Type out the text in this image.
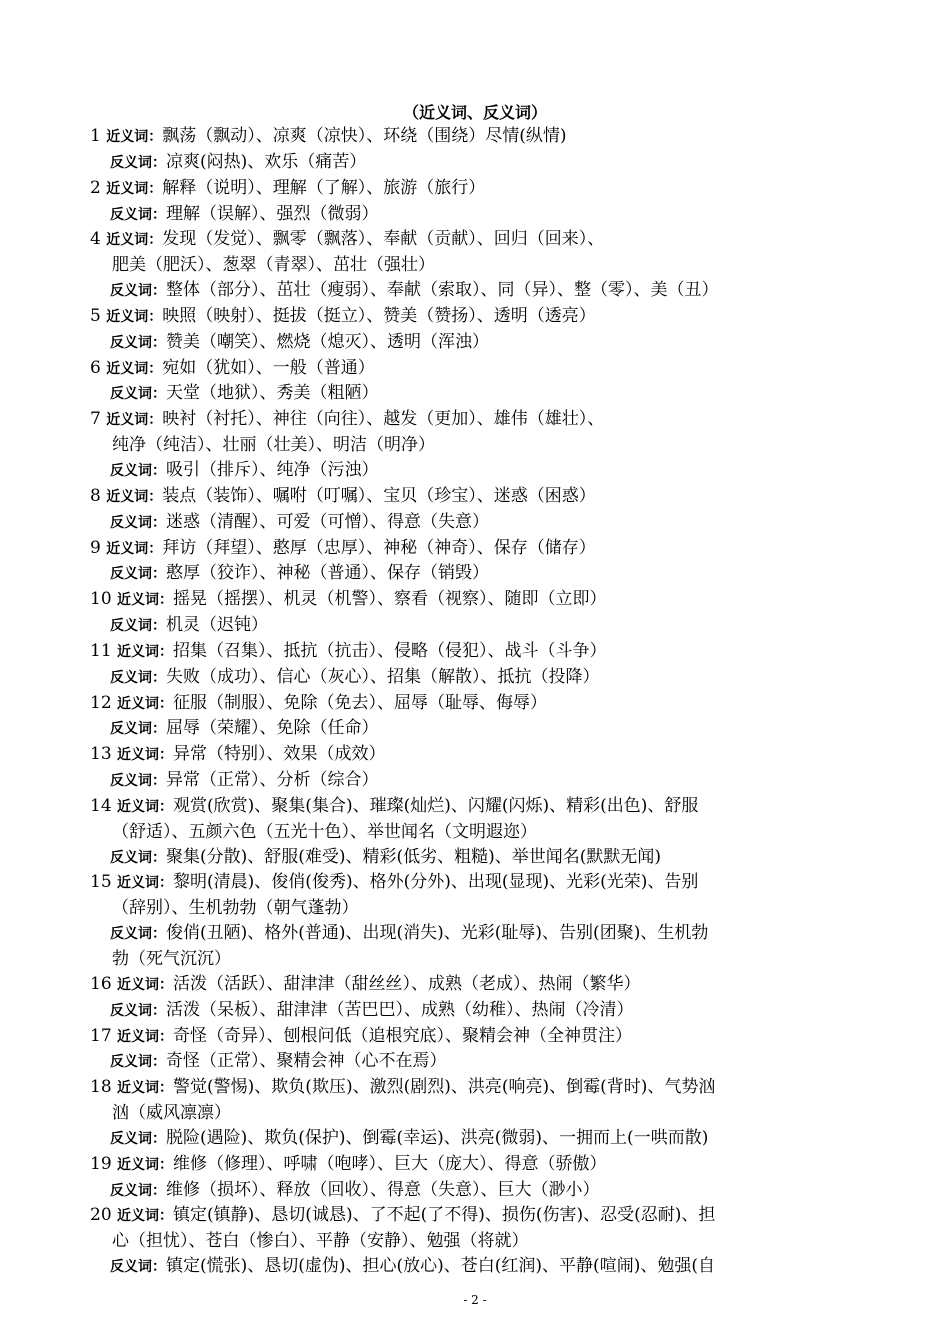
（近义词、反义词）
1 近义词：飘荡（飘动）、凉爽（凉快）、环绕（围绕）尽情(纵情)
反义词：凉爽(闷热)、欢乐（痛苦）
2 近义词：解释（说明）、理解（了解）、旅游（旅行）
反义词：理解（误解）、强烈（微弱）
4 近义词：发现（发觉）、飘零（飘落）、奉献（贡献）、回归（回来）、
肥美（肥沃）、葱翠（青翠）、茁壮（强壮）
反义词：整体（部分）、茁壮（瘦弱）、奉献（索取）、同（异）、整（零）、美（丑）
5 近义词：映照（映射）、挺拔（挺立）、赞美（赞扬）、透明（透亮）
反义词：赞美（嘲笑）、燃烧（熄灭）、透明（浑浊）
6 近义词：宛如（犹如）、一般（普通）
反义词：天堂（地狱）、秀美（粗陋）
7 近义词：映衬（衬托）、神往（向往）、越发（更加）、雄伟（雄壮）、
纯净（纯洁）、壮丽（壮美）、明洁（明净）
反义词：吸引（排斥）、纯净（污浊）
8 近义词：装点（装饰）、嘱咐（叮嘱）、宝贝（珍宝）、迷惑（困惑）
反义词：迷惑（清醒）、可爱（可憎）、得意（失意）
9 近义词：拜访（拜望）、憨厚（忠厚）、神秘（神奇）、保存（储存）
反义词：憨厚（狡诈）、神秘（普通）、保存（销毁）
10 近义词：摇晃（摇摆）、机灵（机警）、察看（视察）、随即（立即）
反义词：机灵（迟钝）
11 近义词：招集（召集）、抵抗（抗击）、侵略（侵犯）、战斗（斗争）
反义词：失败（成功）、信心（灰心）、招集（解散）、抵抗（投降）
12 近义词：征服（制服）、免除（免去）、屈辱（耻辱、侮辱）
反义词：屈辱（荣耀）、免除（任命）
13 近义词：异常（特别）、效果（成效）
反义词：异常（正常）、分析（综合）
14 近义词：观赏(欣赏)、聚集(集合)、璀璨(灿烂)、闪耀(闪烁)、精彩(出色)、舒服
（舒适）、五颜六色（五光十色）、举世闻名（文明遐迩）
反义词：聚集(分散)、舒服(难受)、精彩(低劣、粗糙)、举世闻名(默默无闻)
15 近义词：黎明(清晨)、俊俏(俊秀)、格外(分外)、出现(显现)、光彩(光荣)、告别
（辞别）、生机勃勃（朝气蓬勃）
反义词：俊俏(丑陋)、格外(普通)、出现(消失)、光彩(耻辱)、告别(团聚)、生机勃
勃（死气沉沉）
16 近义词：活泼（活跃）、甜津津（甜丝丝）、成熟（老成）、热闹（繁华）
反义词：活泼（呆板）、甜津津（苦巴巴）、成熟（幼稚）、热闹（冷清）
17 近义词：奇怪（奇异）、刨根问低（追根究底）、聚精会神（全神贯注）
反义词：奇怪（正常）、聚精会神（心不在焉）
18 近义词：警觉(警惕)、欺负(欺压)、激烈(剧烈)、洪亮(响亮)、倒霉(背时)、气势汹
汹（威风凛凛）
反义词：脱险(遇险)、欺负(保护)、倒霉(幸运)、洪亮(微弱)、一拥而上(一哄而散)
19 近义词：维修（修理）、呼啸（咆哮）、巨大（庞大）、得意（骄傲）
反义词：维修（损坏）、释放（回收）、得意（失意）、巨大（渺小）
20 近义词：镇定(镇静)、恳切(诚恳)、了不起(了不得)、损伤(伤害)、忍受(忍耐)、担
心（担忧）、苍白（惨白）、平静（安静）、勉强（将就）
反义词：镇定(慌张)、恳切(虚伪)、担心(放心)、苍白(红润)、平静(喧闹)、勉强(自
- 2 -
